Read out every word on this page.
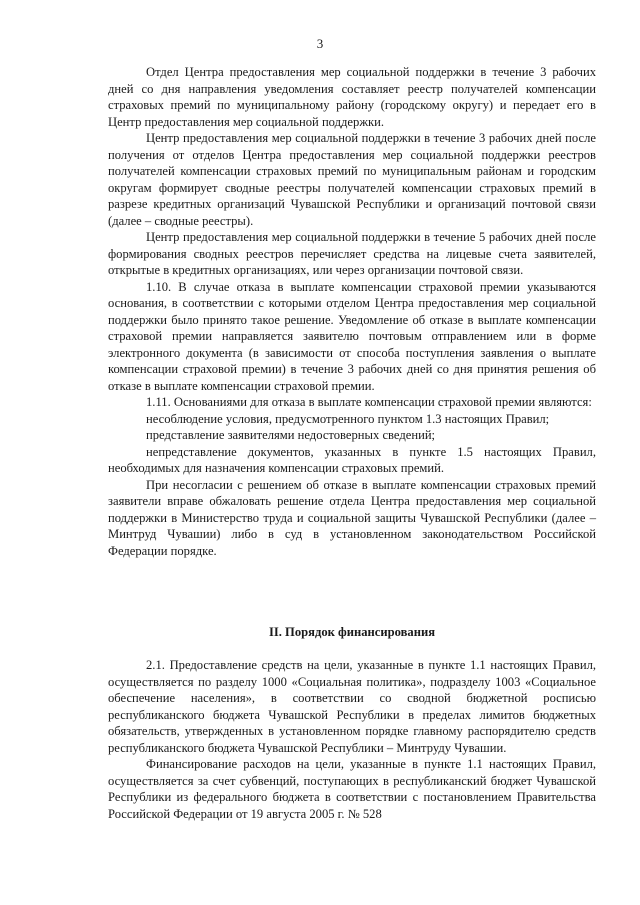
3

Отдел Центра предоставления мер социальной поддержки в течение 3 рабочих дней со дня направления уведомления составляет реестр получателей компенсации страховых премий по муниципальному району (городскому округу) и передает его в Центр предоставления мер социальной поддержки.

Центр предоставления мер социальной поддержки в течение 3 рабочих дней после получения от отделов Центра предоставления мер социальной поддержки реестров получателей компенсации страховых премий по муниципальным районам и городским округам формирует сводные реестры получателей компенсации страховых премий в разрезе кредитных организаций Чувашской Республики и организаций почтовой связи (далее – сводные реестры).

Центр предоставления мер социальной поддержки в течение 5 рабочих дней после формирования сводных реестров перечисляет средства на лицевые счета заявителей, открытые в кредитных организациях, или через организации почтовой связи.

1.10. В случае отказа в выплате компенсации страховой премии указываются основания, в соответствии с которыми отделом Центра предоставления мер социальной поддержки было принято такое решение. Уведомление об отказе в выплате компенсации страховой премии направляется заявителю почтовым отправлением или в форме электронного документа (в зависимости от способа поступления заявления о выплате компенсации страховой премии) в течение 3 рабочих дней со дня принятия решения об отказе в выплате компенсации страховой премии.

1.11. Основаниями для отказа в выплате компенсации страховой премии являются:

несоблюдение условия, предусмотренного пунктом 1.3 настоящих Правил;

представление заявителями недостоверных сведений;

непредставление документов, указанных в пункте 1.5 настоящих Правил, необходимых для назначения компенсации страховых премий.

При несогласии с решением об отказе в выплате компенсации страховых премий заявители вправе обжаловать решение отдела Центра предоставления мер социальной поддержки в Министерство труда и социальной защиты Чувашской Республики (далее – Минтруд Чувашии) либо в суд в установленном законодательством Российской Федерации порядке.

II. Порядок финансирования

2.1. Предоставление средств на цели, указанные в пункте 1.1 настоящих Правил, осуществляется по разделу 1000 «Социальная политика», подразделу 1003 «Социальное обеспечение населения», в соответствии со сводной бюджетной росписью республиканского бюджета Чувашской Республики в пределах лимитов бюджетных обязательств, утвержденных в установленном порядке главному распорядителю средств республиканского бюджета Чувашской Республики – Минтруду Чувашии.

Финансирование расходов на цели, указанные в пункте 1.1 настоящих Правил, осуществляется за счет субвенций, поступающих в республиканский бюджет Чувашской Республики из федерального бюджета в соответствии с постановлением Правительства Российской Федерации от 19 августа 2005 г. № 528
